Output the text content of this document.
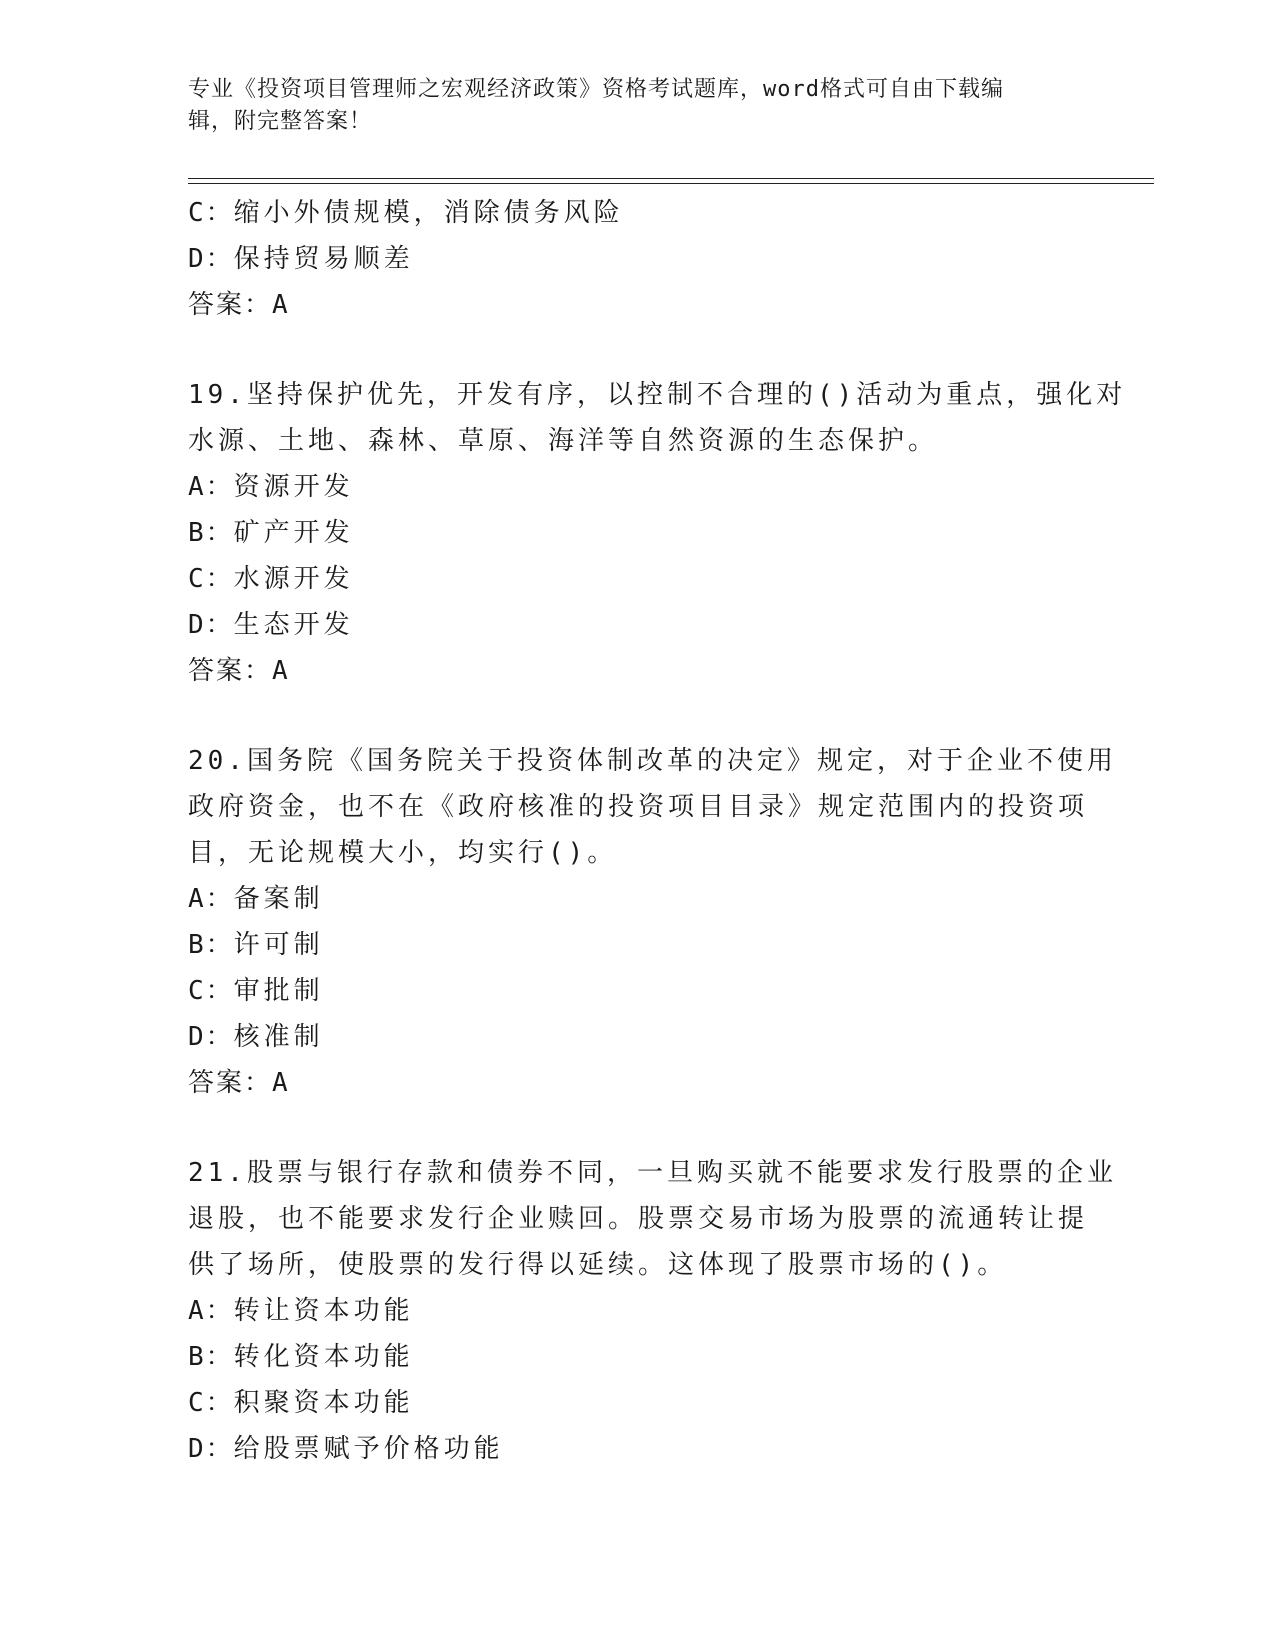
专业《投资项目管理师之宏观经济政策》资格考试题库，word格式可自由下载编
辑，附完整答案！
C：缩小外债规模，消除债务风险
D：保持贸易顺差
答案：A
19.坚持保护优先，开发有序，以控制不合理的()活动为重点，强化对
水源、土地、森林、草原、海洋等自然资源的生态保护。
A：资源开发
B：矿产开发
C：水源开发
D：生态开发
答案：A
20.国务院《国务院关于投资体制改革的决定》规定，对于企业不使用
政府资金，也不在《政府核准的投资项目目录》规定范围内的投资项
目，无论规模大小，均实行()。
A：备案制
B：许可制
C：审批制
D：核准制
答案：A
21.股票与银行存款和债券不同，一旦购买就不能要求发行股票的企业
退股，也不能要求发行企业赎回。股票交易市场为股票的流通转让提
供了场所，使股票的发行得以延续。这体现了股票市场的()。
A：转让资本功能
B：转化资本功能
C：积聚资本功能
D：给股票赋予价格功能
